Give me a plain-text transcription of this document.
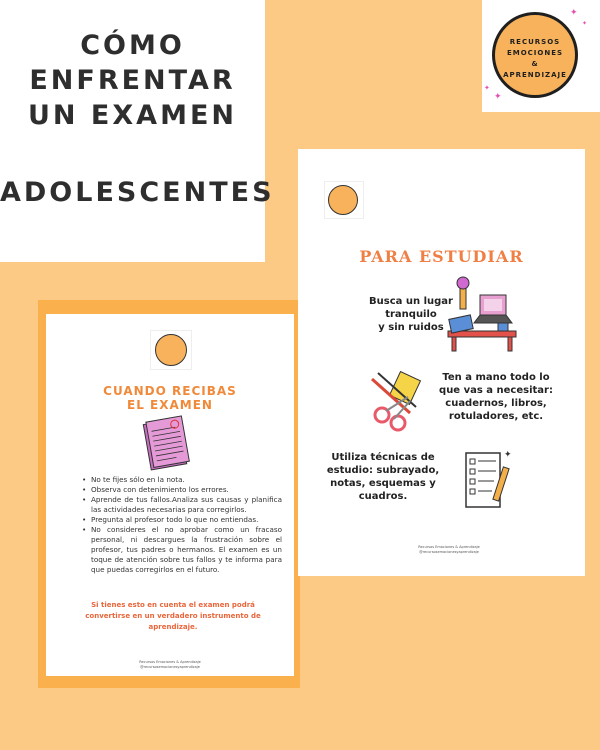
CÓMO
ENFRENTAR
UN EXAMEN
ADOLESCENTES
RECURSOS
EMOCIONES
&
APRENDIZAJE
✦
✦
✦
✦
CUANDO RECIBAS
EL EXAMEN
• No te fijes sólo en la nota.
• Observa con detenimiento los errores.
• Aprende de tus fallos.Analiza sus causas y planifica las actividades necesarias para corregirlos.
• Pregunta al profesor todo lo que no entiendas.
• No consideres el no aprobar como un fracaso personal, ni descargues la frustración sobre el profesor, tus padres o hermanos. El examen es un toque de atención sobre tus fallos y te informa para que puedas corregirlos en el futuro.
Si tienes esto en cuenta el examen podrá convertirse en un verdadero instrumento de aprendizaje.
Recursos Emociones & Aprendizaje
@recursosemocionesyaprendizaje
PARA ESTUDIAR
Busca un lugar
tranquilo
y sin ruidos
Ten a mano todo lo
que vas a necesitar:
cuadernos, libros,
rotuladores, etc.
Utiliza técnicas de
estudio: subrayado,
notas, esquemas y
cuadros.
✦
Recursos Emociones & Aprendizaje
@recursosemocionesyaprendizaje
